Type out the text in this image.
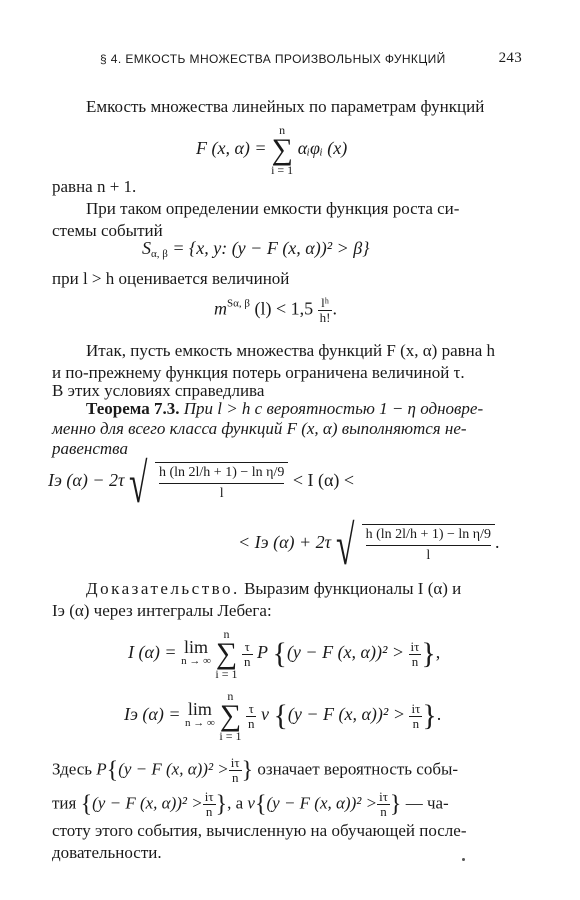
§ 4. ЕМКОСТЬ МНОЖЕСТВА ПРОИЗВОЛЬНЫХ ФУНКЦИЙ	243
Емкость множества линейных по параметрам функций
F (x, α) = n
∑
i = 1 αᵢφᵢ (x)
равна n + 1.
При таком определении емкости функция роста си-
стемы событий
$S_{\alpha, \beta} = \{x$, y: (y − F (x, α))² > β}
при l > h оценивается величиной
$m^{S\alpha, \beta}$ $(l) < 1,5 \frac{\text{lʰ}}{h!}$ .
Итак, пусть емкость множества функций F (x, α) равна h
и по-прежнему функция потерь ограничена величиной τ.
В этих условиях справедлива
Теорема 7.3. При l > h с вероятностью 1 − η одновре-
менно для всего класса функций F (x, α) выполняются не-
равенства
Iэ (α) − 2τ √ $\frac{\text{h (ln 2l/h + 1) − ln η/9}}{l} < I$ (α) <
< Iэ (α) + 2τ √ $\frac{\text{h (ln 2l/h + 1) − ln η/9}}{l}$ .
Доказательство. Выразим функционалы I (α) и
Iэ (α) через интегралы Лебега:
I (α) = lim
n → ∞
n
∑
i = 1
$\frac{\tau}{n}$ P {(y − F (x, $\alpha))^2 > \frac{i\tau}{n}$ },
Iэ (α) = lim
n → ∞
n
∑
i = 1
$\frac{\tau}{n}$ ν {(y − F (x, $\alpha))^2 > \frac{i\tau}{n}$ }.
Здесь P{(y − F (x, $\alpha))^2 > \frac{i\tau}{n}$ } означает вероятность собы-
тия {(y − F (x, $\alpha))^2 > \frac{i\tau}{n}$ }, а ν{(y − F (x, $\alpha))^2 > \frac{i\tau}{n}$ } — ча-
стоту этого события, вычисленную на обучающей после-
довательности.
